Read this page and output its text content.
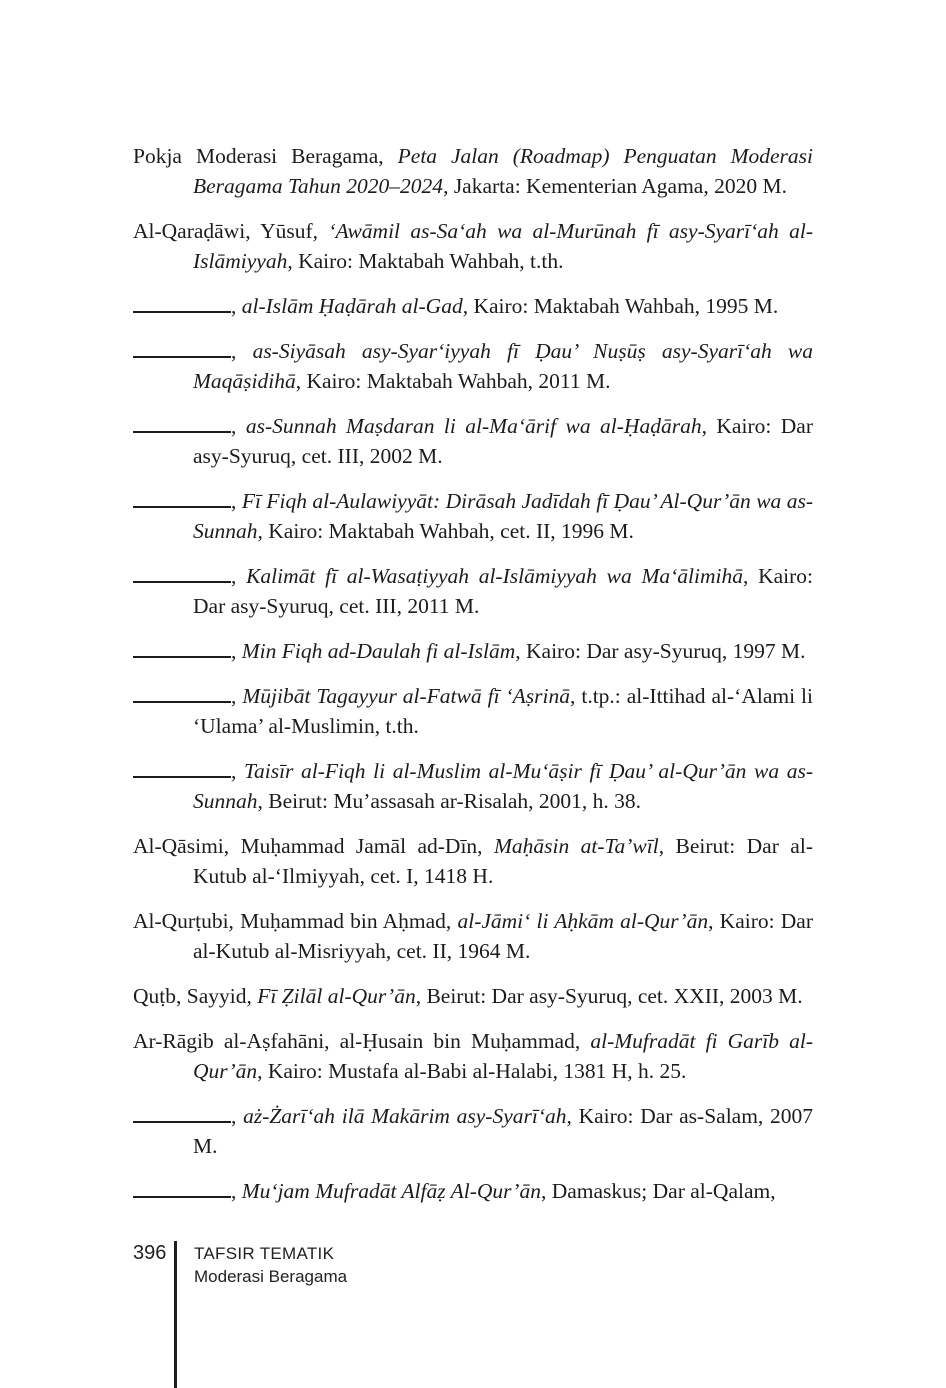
Pokja Moderasi Beragama, Peta Jalan (Roadmap) Penguatan Moderasi Beragama Tahun 2020–2024, Jakarta: Kementerian Agama, 2020 M.

Al-Qaraḍāwi, Yūsuf, ‘Awāmil as-Sa‘ah wa al-Murūnah fī asy-Syarī‘ah al-Islāmiyyah, Kairo: Maktabah Wahbah, t.th.

, al-Islām Ḥaḍārah al-Gad, Kairo: Maktabah Wahbah, 1995 M.

, as-Siyāsah asy-Syar‘iyyah fī Ḍau’ Nuṣūṣ asy-Syarī‘ah wa Maqāṣidihā, Kairo: Maktabah Wahbah, 2011 M.

, as-Sunnah Maṣdaran li al-Ma‘ārif wa al-Ḥaḍārah, Kairo: Dar asy-Syuruq, cet. III, 2002 M.

, Fī Fiqh al-Aulawiyyāt: Dirāsah Jadīdah fī Ḍau’ Al-Qur’ān wa as-Sunnah, Kairo: Maktabah Wahbah, cet. II, 1996 M.

, Kalimāt fī al-Wasaṭiyyah al-Islāmiyyah wa Ma‘ālimihā, Kairo: Dar asy-Syuruq, cet. III, 2011 M.

, Min Fiqh ad-Daulah fi al-Islām, Kairo: Dar asy-Syuruq, 1997 M.

, Mūjibāt Tagayyur al-Fatwā fī ‘Aṣrinā, t.tp.: al-Ittihad al-‘Alami li ‘Ulama’ al-Muslimin, t.th.

, Taisīr al-Fiqh li al-Muslim al-Mu‘āṣir fī Ḍau’ al-Qur’ān wa as-Sunnah, Beirut: Mu’assasah ar-Risalah, 2001, h. 38.

Al-Qāsimi, Muḥammad Jamāl ad-Dīn, Maḥāsin at-Ta’wīl, Beirut: Dar al-Kutub al-‘Ilmiyyah, cet. I, 1418 H.

Al-Qurṭubi, Muḥammad bin Aḥmad, al-Jāmi‘ li Aḥkām al-Qur’ān, Kairo: Dar al-Kutub al-Misriyyah, cet. II, 1964 M.

Quṭb, Sayyid, Fī Ẓilāl al-Qur’ān, Beirut: Dar asy-Syuruq, cet. XXII, 2003 M.

Ar-Rāgib al-Aṣfahāni, al-Ḥusain bin Muḥammad, al-Mufradāt fi Garīb al-Qur’ān, Kairo: Mustafa al-Babi al-Halabi, 1381 H, h. 25.

, aż-Żarī‘ah ilā Makārim asy-Syarī‘ah, Kairo: Dar as-Salam, 2007 M.

, Mu‘jam Mufradāt Alfāẓ Al-Qur’ān, Damaskus; Dar al-Qalam,

396	TAFSIR TEMATIK
Moderasi Beragama
